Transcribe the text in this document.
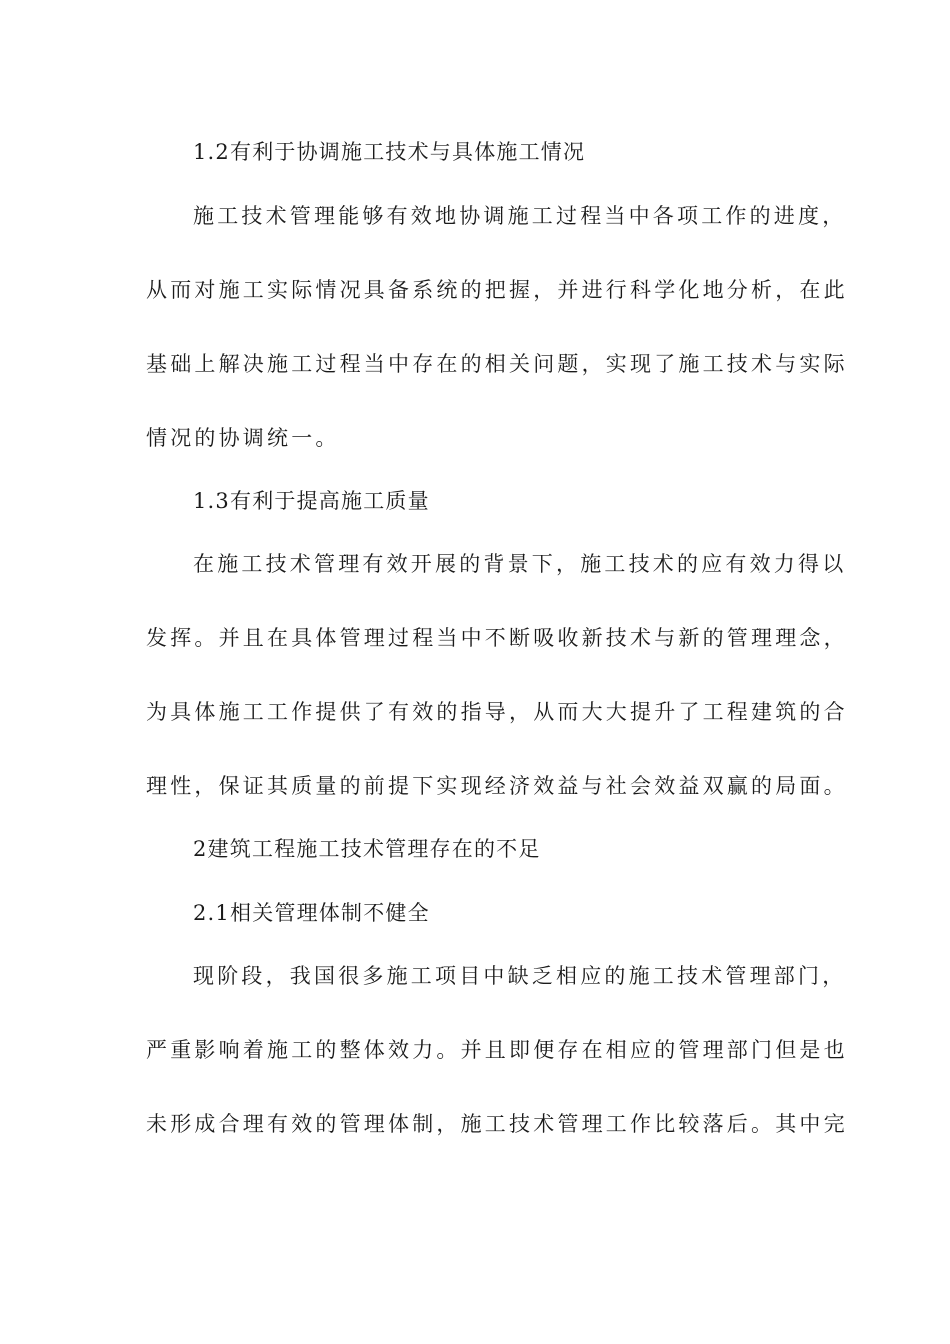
1.2有利于协调施工技术与具体施工情况
施工技术管理能够有效地协调施工过程当中各项工作的进度，
从而对施工实际情况具备系统的把握，并进行科学化地分析，在此
基础上解决施工过程当中存在的相关问题，实现了施工技术与实际
情况的协调统一。
1.3有利于提高施工质量
在施工技术管理有效开展的背景下，施工技术的应有效力得以
发挥。并且在具体管理过程当中不断吸收新技术与新的管理理念，
为具体施工工作提供了有效的指导，从而大大提升了工程建筑的合
理性，保证其质量的前提下实现经济效益与社会效益双赢的局面。
2建筑工程施工技术管理存在的不足
2.1相关管理体制不健全
现阶段，我国很多施工项目中缺乏相应的施工技术管理部门，
严重影响着施工的整体效力。并且即便存在相应的管理部门但是也
未形成合理有效的管理体制，施工技术管理工作比较落后。其中完
